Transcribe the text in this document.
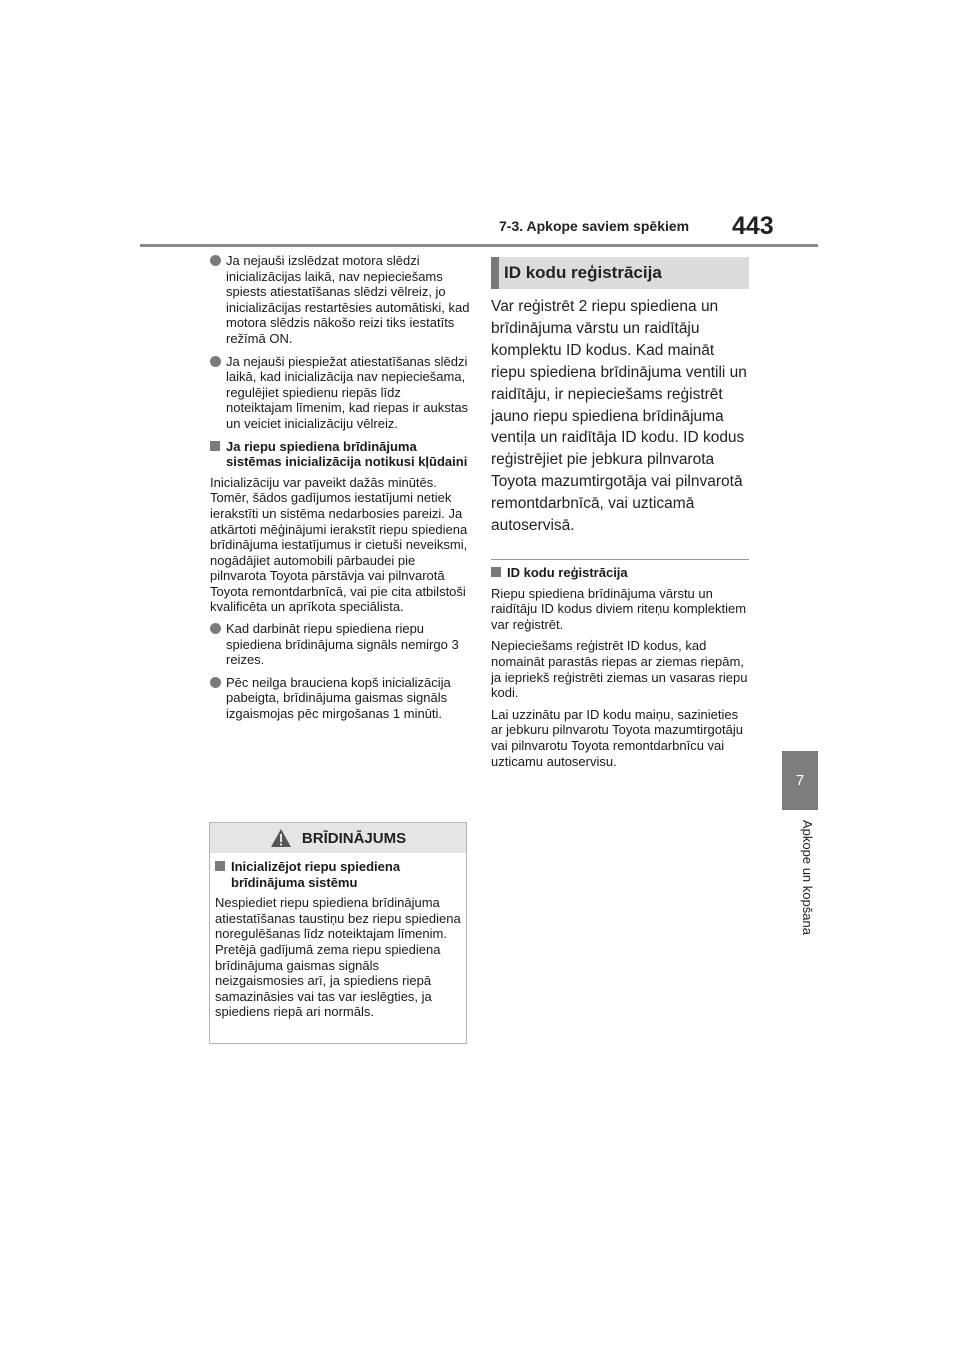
7-3. Apkope saviem spēkiem 443
7
Apkope un kopšana
Ja nejauši izslēdzat motora slēdzi inicializācijas laikā, nav nepieciešams spiests atiestatīšanas slēdzi vēlreiz, jo inicializācijas restartēsies automātiski, kad motora slēdzis nākošo reizi tiks iestatīts režīmā ON.
Ja nejauši piespiežat atiestatīšanas slēdzi laikā, kad inicializācija nav nepieciešama, regulējiet spiedienu riepās līdz noteiktajam līmenim, kad riepas ir aukstas un veiciet inicializāciju vēlreiz.
Ja riepu spiediena brīdinājuma sistēmas inicializācija notikusi kļūdaini
Inicializāciju var paveikt dažās minūtēs. Tomēr, šādos gadījumos iestatījumi netiek ierakstīti un sistēma nedarbosies pareizi. Ja atkārtoti mēģinājumi ierakstīt riepu spiediena brīdinājuma iestatījumus ir cietuši neveiksmi, nogādājiet automobili pārbaudei pie pilnvarota Toyota pārstāvja vai pilnvarotā Toyota remontdarbnīcā, vai pie cita atbilstoši kvalificēta un aprīkota speciālista.
Kad darbināt riepu spiediena riepu spiediena brīdinājuma signāls nemirgo 3 reizes.
Pēc neilga brauciena kopš inicializācija pabeigta, brīdinājuma gaismas signāls izgaismojas pēc mirgošanas 1 minūti.
BRĪDINĀJUMS
Inicializējot riepu spiediena brīdinājuma sistēmu
Nespiediet riepu spiediena brīdinājuma atiestatīšanas taustiņu bez riepu spiediena noregulēšanas līdz noteiktajam līmenim. Pretējā gadījumā zema riepu spiediena brīdinājuma gaismas signāls neizgaismosies arī, ja spiediens riepā samazināsies vai tas var ieslēgties, ja spiediens riepā ari normāls.
ID kodu reģistrācija
Var reģistrēt 2 riepu spiediena un brīdinājuma vārstu un raidītāju komplektu ID kodus. Kad maināt riepu spiediena brīdinājuma ventili un raidītāju, ir nepieciešams reģistrēt jauno riepu spiediena brīdinājuma ventiļa un raidītāja ID kodu. ID kodus reģistrējiet pie jebkura pilnvarota Toyota mazumtirgotāja vai pilnvarotā remontdarbnīcā, vai uzticamā autoservisā.
ID kodu reģistrācija
Riepu spiediena brīdinājuma vārstu un raidītāju ID kodus diviem riteņu komplektiem var reģistrēt.
Nepieciešams reģistrēt ID kodus, kad nomaināt parastās riepas ar ziemas riepām, ja iepriekš reģistrēti ziemas un vasaras riepu kodi.
Lai uzzinātu par ID kodu maiņu, sazinieties ar jebkuru pilnvarotu Toyota mazumtirgotāju vai pilnvarotu Toyota remontdarbnīcu vai uzticamu autoservisu.
